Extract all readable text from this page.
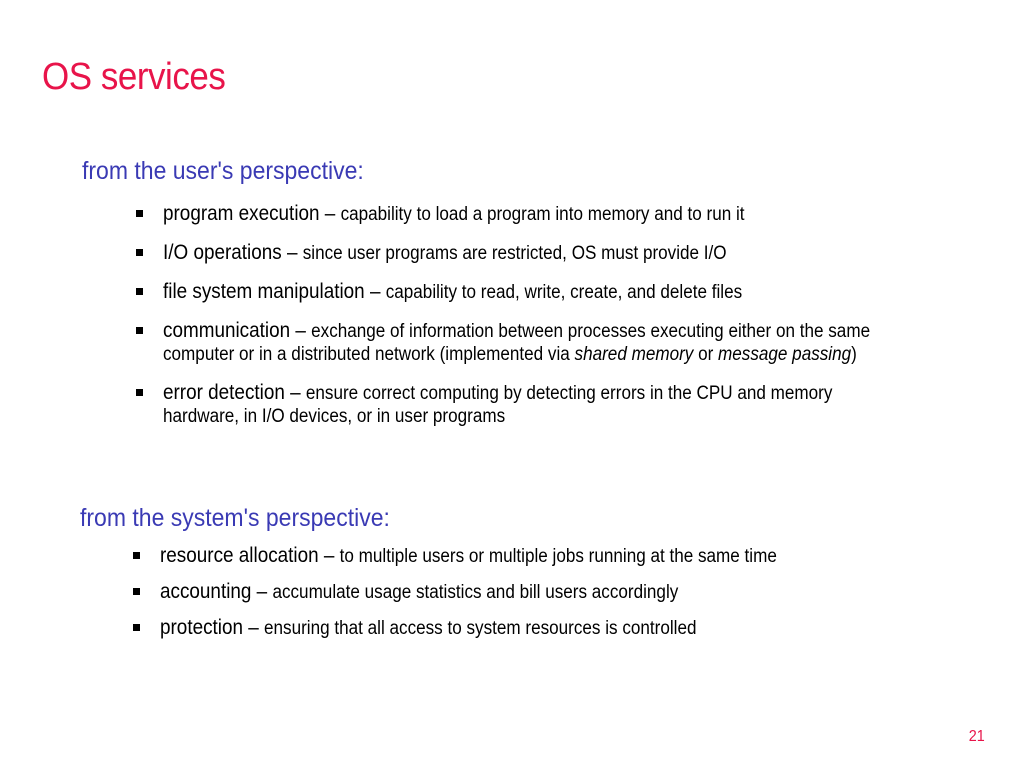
OS services
from the user's perspective:
program execution – capability to load a program into memory and to run it
I/O operations – since user programs are restricted, OS must provide I/O
file system manipulation – capability to read, write, create, and delete files
communication – exchange of information between processes executing either on the same
computer or in a distributed network (implemented via shared memory or message passing)
error detection – ensure correct computing by detecting errors in the CPU and memory
hardware, in I/O devices, or in user programs
from the system's perspective:
resource allocation – to multiple users or multiple jobs running at the same time
accounting – accumulate usage statistics and bill users accordingly
protection – ensuring that all access to system resources is controlled
21
